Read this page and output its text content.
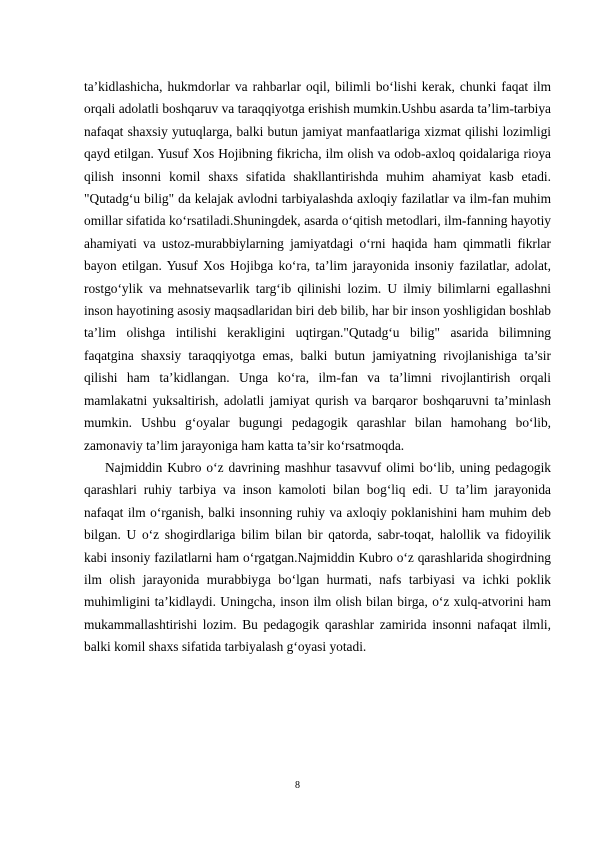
ta’kidlashicha, hukmdorlar va rahbarlar oqil, bilimli bo‘lishi kerak, chunki faqat ilm orqali adolatli boshqaruv va taraqqiyotga erishish mumkin.Ushbu asarda ta’lim-tarbiya nafaqat shaxsiy yutuqlarga, balki butun jamiyat manfaatlariga xizmat qilishi lozimligi qayd etilgan. Yusuf Xos Hojibning fikricha, ilm olish va odob-axloq qoidalariga rioya qilish insonni komil shaxs sifatida shakllantirishda muhim ahamiyat kasb etadi. "Qutadg‘u bilig" da kelajak avlodni tarbiyalashda axloqiy fazilatlar va ilm-fan muhim omillar sifatida ko‘rsatiladi.Shuningdek, asarda o‘qitish metodlari, ilm-fanning hayotiy ahamiyati va ustoz-murabbiylarning jamiyatdagi o‘rni haqida ham qimmatli fikrlar bayon etilgan. Yusuf Xos Hojibga ko‘ra, ta’lim jarayonida insoniy fazilatlar, adolat, rostgo‘ylik va mehnatsevarlik targ‘ib qilinishi lozim. U ilmiy bilimlarni egallashni inson hayotining asosiy maqsadlaridan biri deb bilib, har bir inson yoshligidan boshlab ta’lim olishga intilishi kerakligini uqtirgan."Qutadg‘u bilig" asarida bilimning faqatgina shaxsiy taraqqiyotga emas, balki butun jamiyatning rivojlanishiga ta’sir qilishi ham ta’kidlangan. Unga ko‘ra, ilm-fan va ta’limni rivojlantirish orqali mamlakatni yuksaltirish, adolatli jamiyat qurish va barqaror boshqaruvni ta’minlash mumkin. Ushbu g‘oyalar bugungi pedagogik qarashlar bilan hamohang bo‘lib, zamonaviy ta’lim jarayoniga ham katta ta’sir ko‘rsatmoqda.

Najmiddin Kubro o‘z davrining mashhur tasavvuf olimi bo‘lib, uning pedagogik qarashlari ruhiy tarbiya va inson kamoloti bilan bog‘liq edi. U ta’lim jarayonida nafaqat ilm o‘rganish, balki insonning ruhiy va axloqiy poklanishini ham muhim deb bilgan. U o‘z shogirdlariga bilim bilan bir qatorda, sabr-toqat, halollik va fidoyilik kabi insoniy fazilatlarni ham o‘rgatgan.Najmiddin Kubro o‘z qarashlarida shogirdning ilm olish jarayonida murabbiyga bo‘lgan hurmati, nafs tarbiyasi va ichki poklik muhimligini ta’kidlaydi. Uningcha, inson ilm olish bilan birga, o‘z xulq-atvorini ham mukammallashtirishi lozim. Bu pedagogik qarashlar zamirida insonni nafaqat ilmli, balki komil shaxs sifatida tarbiyalash g‘oyasi yotadi.

8
